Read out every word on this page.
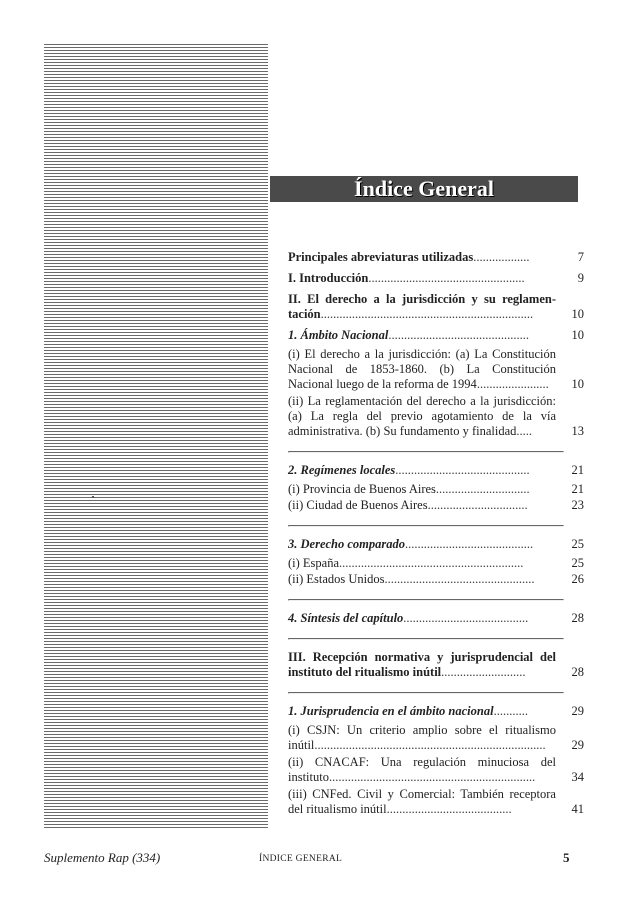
Índice General
Principales abreviaturas utilizadas..................	7
I. Introducción..................................................	9
II. El derecho a la jurisdicción y su reglamen-tación....................................................................	10
1. Ámbito Nacional.............................................	10
(i) El derecho a la jurisdicción: (a) La Constitución Nacional de 1853-1860. (b) La Constitución Nacional luego de la reforma de 1994.......................	10
(ii) La reglamentación del derecho a la jurisdicción: (a) La regla del previo agotamiento de la vía administrativa. (b) Su fundamento y finalidad.....	13
2. Regímenes locales...........................................	21
(i) Provincia de Buenos Aires..............................	21
(ii) Ciudad de Buenos Aires................................	23
3. Derecho comparado.........................................	25
(i) España...........................................................	25
(ii) Estados Unidos................................................	26
4. Síntesis del capítulo........................................	28
III. Recepción normativa y jurisprudencial del instituto del ritualismo inútil...........................	28
1. Jurisprudencia en el ámbito nacional...........	29
(i) CSJN: Un criterio amplio sobre el ritualismo inútil..........................................................................	29
(ii) CNACAF: Una regulación minuciosa del instituto..................................................................	34
(iii) CNFed. Civil y Comercial: También receptora del ritualismo inútil........................................	41
Suplemento Rap (334)	ÍNDICE GENERAL	5
